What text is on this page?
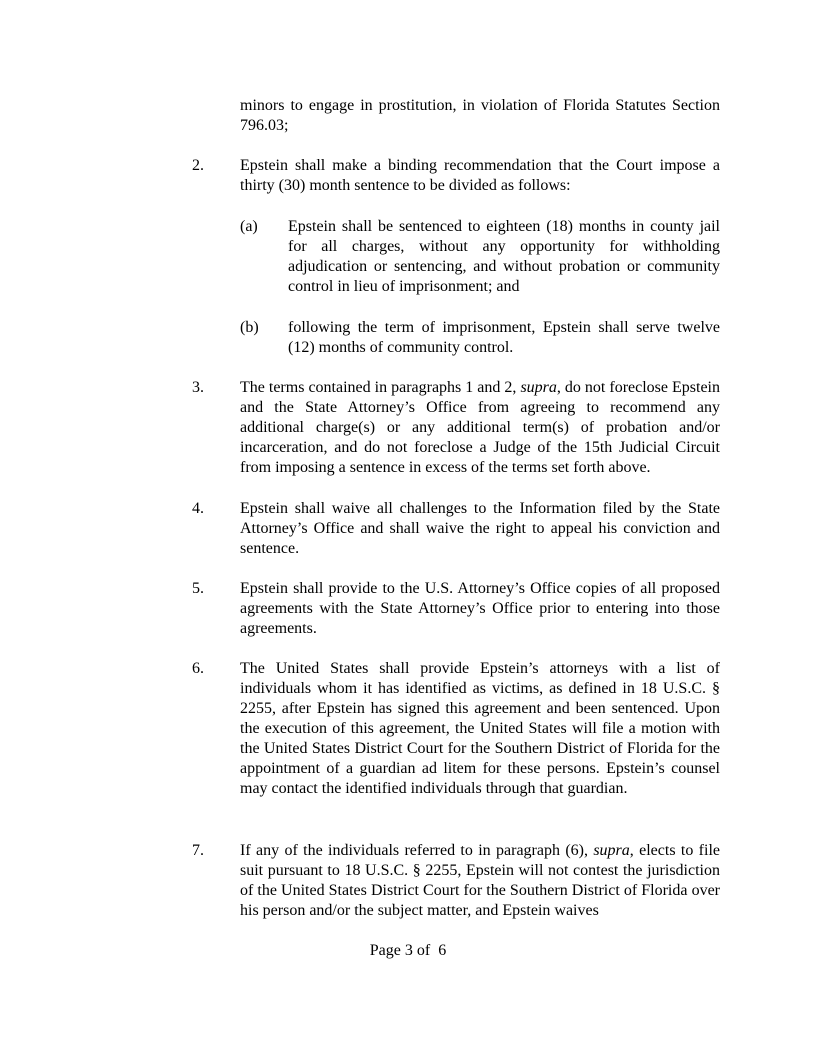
minors to engage in prostitution, in violation of Florida Statutes Section 796.03;
2.	Epstein shall make a binding recommendation that the Court impose a thirty (30) month sentence to be divided as follows:
(a)	Epstein shall be sentenced to eighteen (18) months in county jail for all charges, without any opportunity for withholding adjudication or sentencing, and without probation or community control in lieu of imprisonment; and
(b)	following the term of imprisonment, Epstein shall serve twelve (12) months of community control.
3.	The terms contained in paragraphs 1 and 2, supra, do not foreclose Epstein and the State Attorney’s Office from agreeing to recommend any additional charge(s) or any additional term(s) of probation and/or incarceration, and do not foreclose a Judge of the 15th Judicial Circuit from imposing a sentence in excess of the terms set forth above.
4.	Epstein shall waive all challenges to the Information filed by the State Attorney’s Office and shall waive the right to appeal his conviction and sentence.
5.	Epstein shall provide to the U.S. Attorney’s Office copies of all proposed agreements with the State Attorney’s Office prior to entering into those agreements.
6.	The United States shall provide Epstein’s attorneys with a list of individuals whom it has identified as victims, as defined in 18 U.S.C. § 2255, after Epstein has signed this agreement and been sentenced. Upon the execution of this agreement, the United States will file a motion with the United States District Court for the Southern District of Florida for the appointment of a guardian ad litem for these persons. Epstein’s counsel may contact the identified individuals through that guardian.
7.	If any of the individuals referred to in paragraph (6), supra, elects to file suit pursuant to 18 U.S.C. § 2255, Epstein will not contest the jurisdiction of the United States District Court for the Southern District of Florida over his person and/or the subject matter, and Epstein waives
Page 3 of  6
